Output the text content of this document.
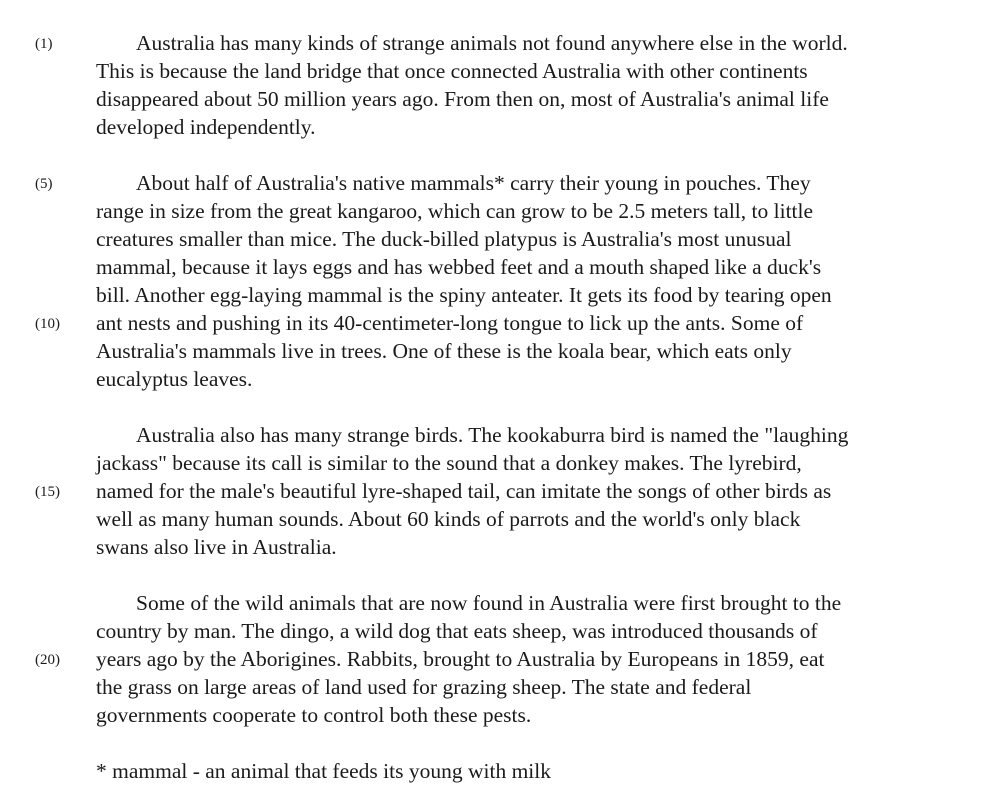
(1)
(5)
(10)
(15)
(20)
Australia has many kinds of strange animals not found anywhere else in the world.
This is because the land bridge that once connected Australia with other continents
disappeared about 50 million years ago. From then on, most of Australia's animal life
developed independently.
About half of Australia's native mammals* carry their young in pouches. They
range in size from the great kangaroo, which can grow to be 2.5 meters tall, to little
creatures smaller than mice. The duck-billed platypus is Australia's most unusual
mammal, because it lays eggs and has webbed feet and a mouth shaped like a duck's
bill. Another egg-laying mammal is the spiny anteater. It gets its food by tearing open
ant nests and pushing in its 40-centimeter-long tongue to lick up the ants. Some of
Australia's mammals live in trees. One of these is the koala bear, which eats only
eucalyptus leaves.
Australia also has many strange birds. The kookaburra bird is named the "laughing
jackass" because its call is similar to the sound that a donkey makes. The lyrebird,
named for the male's beautiful lyre-shaped tail, can imitate the songs of other birds as
well as many human sounds. About 60 kinds of parrots and the world's only black
swans also live in Australia.
Some of the wild animals that are now found in Australia were first brought to the
country by man. The dingo, a wild dog that eats sheep, was introduced thousands of
years ago by the Aborigines. Rabbits, brought to Australia by Europeans in 1859, eat
the grass on large areas of land used for grazing sheep. The state and federal
governments cooperate to control both these pests.
* mammal - an animal that feeds its young with milk
